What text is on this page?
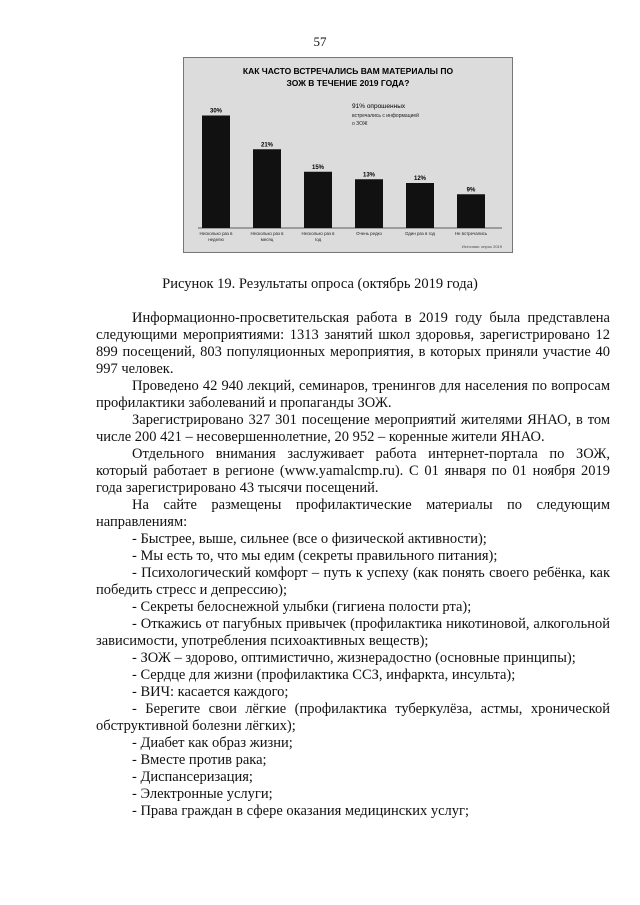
57
КАК ЧАСТО ВСТРЕЧАЛИСЬ ВАМ МАТЕРИАЛЫ ПО
ЗОЖ В ТЕЧЕНИЕ 2019 ГОДА?
91% опрошенных
встречались с информацией
о ЗОЖ
30%
Несколько раз в
неделю
21%
Несколько раз в
месяц
15%
Несколько раз в
год
13%
Очень редко
12%
Один раз в год
9%
Не встречались
Источник: опрос 2019
Рисунок 19. Результаты опроса (октябрь 2019 года)

Информационно-просветительская работа в 2019 году была представлена следующими мероприятиями: 1313 занятий школ здоровья, зарегистрировано 12 899 посещений, 803 популяционных мероприятия, в которых приняли участие 40 997 человек.

Проведено 42 940 лекций, семинаров, тренингов для населения по вопросам профилактики заболеваний и пропаганды ЗОЖ.

Зарегистрировано 327 301 посещение мероприятий жителями ЯНАО, в том числе 200 421 – несовершеннолетние, 20 952 – коренные жители ЯНАО.

Отдельного внимания заслуживает работа интернет-портала по ЗОЖ, который работает в регионе (www.yamalcmp.ru). С 01 января по 01 ноября 2019 года зарегистрировано 43 тысячи посещений.

На сайте размещены профилактические материалы по следующим направлениям:

- Быстрее, выше, сильнее (все о физической активности);

- Мы есть то, что мы едим (секреты правильного питания);

- Психологический комфорт – путь к успеху (как понять своего ребёнка, как победить стресс и депрессию);

- Секреты белоснежной улыбки (гигиена полости рта);

- Откажись от пагубных привычек (профилактика никотиновой, алкогольной зависимости, употребления психоактивных веществ);

- ЗОЖ – здорово, оптимистично, жизнерадостно (основные принципы);

- Сердце для жизни (профилактика ССЗ, инфаркта, инсульта);

- ВИЧ: касается каждого;

- Берегите свои лёгкие (профилактика туберкулёза, астмы, хронической обструктивной болезни лёгких);

- Диабет как образ жизни;

- Вместе против рака;

- Диспансеризация;

- Электронные услуги;

- Права граждан в сфере оказания медицинских услуг;
